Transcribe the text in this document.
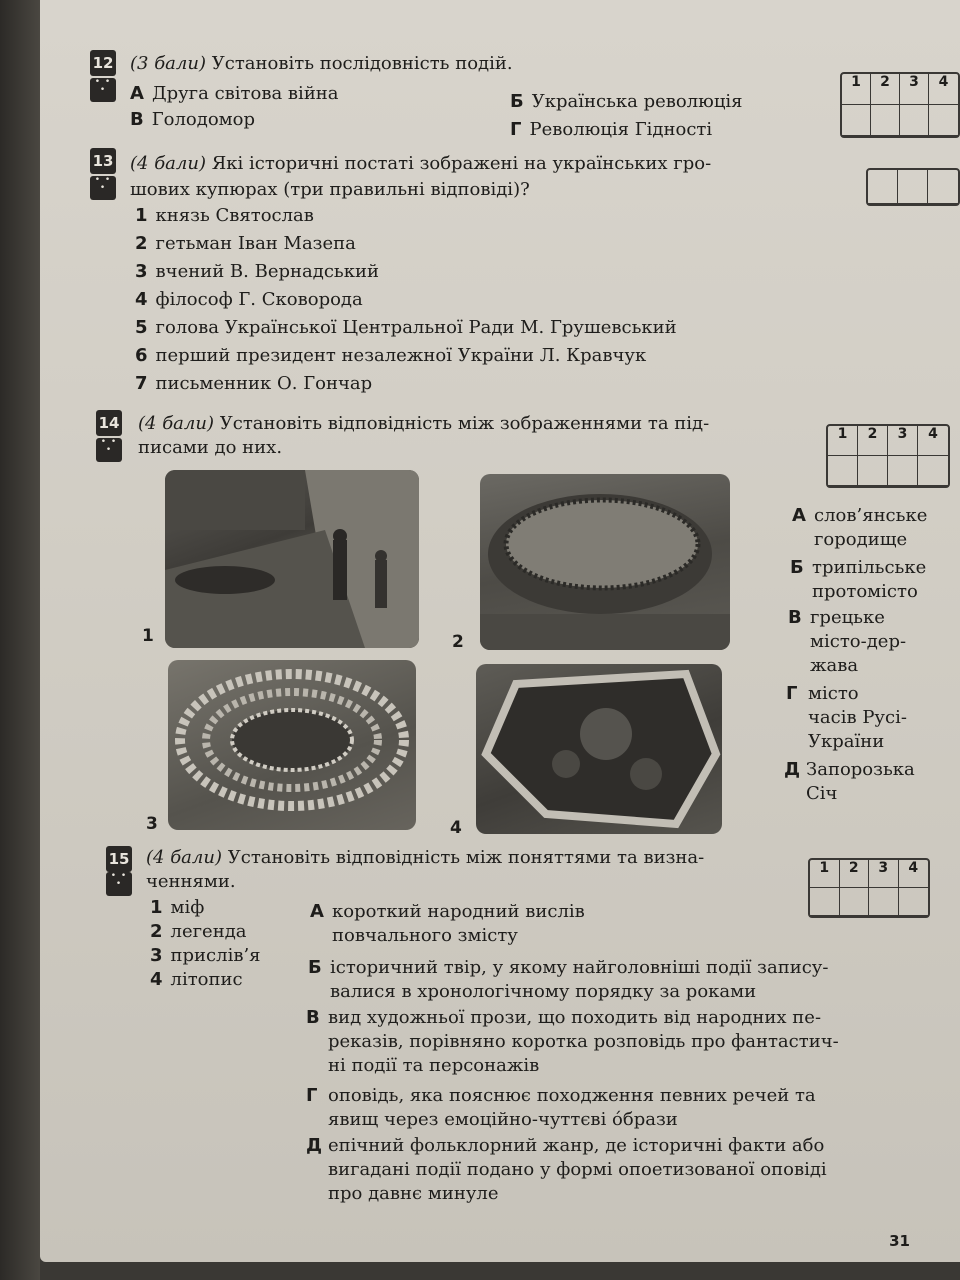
12
• •
•
(3 бали) Установіть послідовність подій.
А Друга світова війна	Б Українська революція
В Голодомор	Г Революція Гідності
1	2	3	4
13
• •
•
(4 бали) Які історичні постаті зображені на українських гро-
шових купюрах (три правильні відповіді)?
1 князь Святослав
2 гетьман Іван Мазепа
3 вчений В. Вернадський
4 філософ Г. Сковорода
5 голова Української Центральної Ради М. Грушевський
6 перший президент незалежної України Л. Кравчук
7 письменник О. Гончар
14
• •
•
(4 бали) Установіть відповідність між зображеннями та під-
писами до них.
1	2	3	4
1	2
3	4
А слов’янське
городище
Б трипільське
протомісто
В грецьке
місто-дер-
жава
Г місто
часів Русі-
України
Д Запорозька
Січ
15
• •
•
(4 бали) Установіть відповідність між поняттями та визна-
ченнями.
1	2	3	4
1 міф
2 легенда
3 прислів’я
4 літопис
А короткий народний вислів
повчального змісту
Б історичний твір, у якому найголовніші події запису-
валися в хронологічному порядку за роками
В вид художньої прози, що походить від народних пе-
реказів, порівняно коротка розповідь про фантастич-
ні події та персонажів
Г оповідь, яка пояснює походження певних речей та
явищ через емоційно-чуттєві óбрази
Д епічний фольклорний жанр, де історичні факти або
вигадані події подано у формі опоетизованої оповіді
про давнє минуле
31
